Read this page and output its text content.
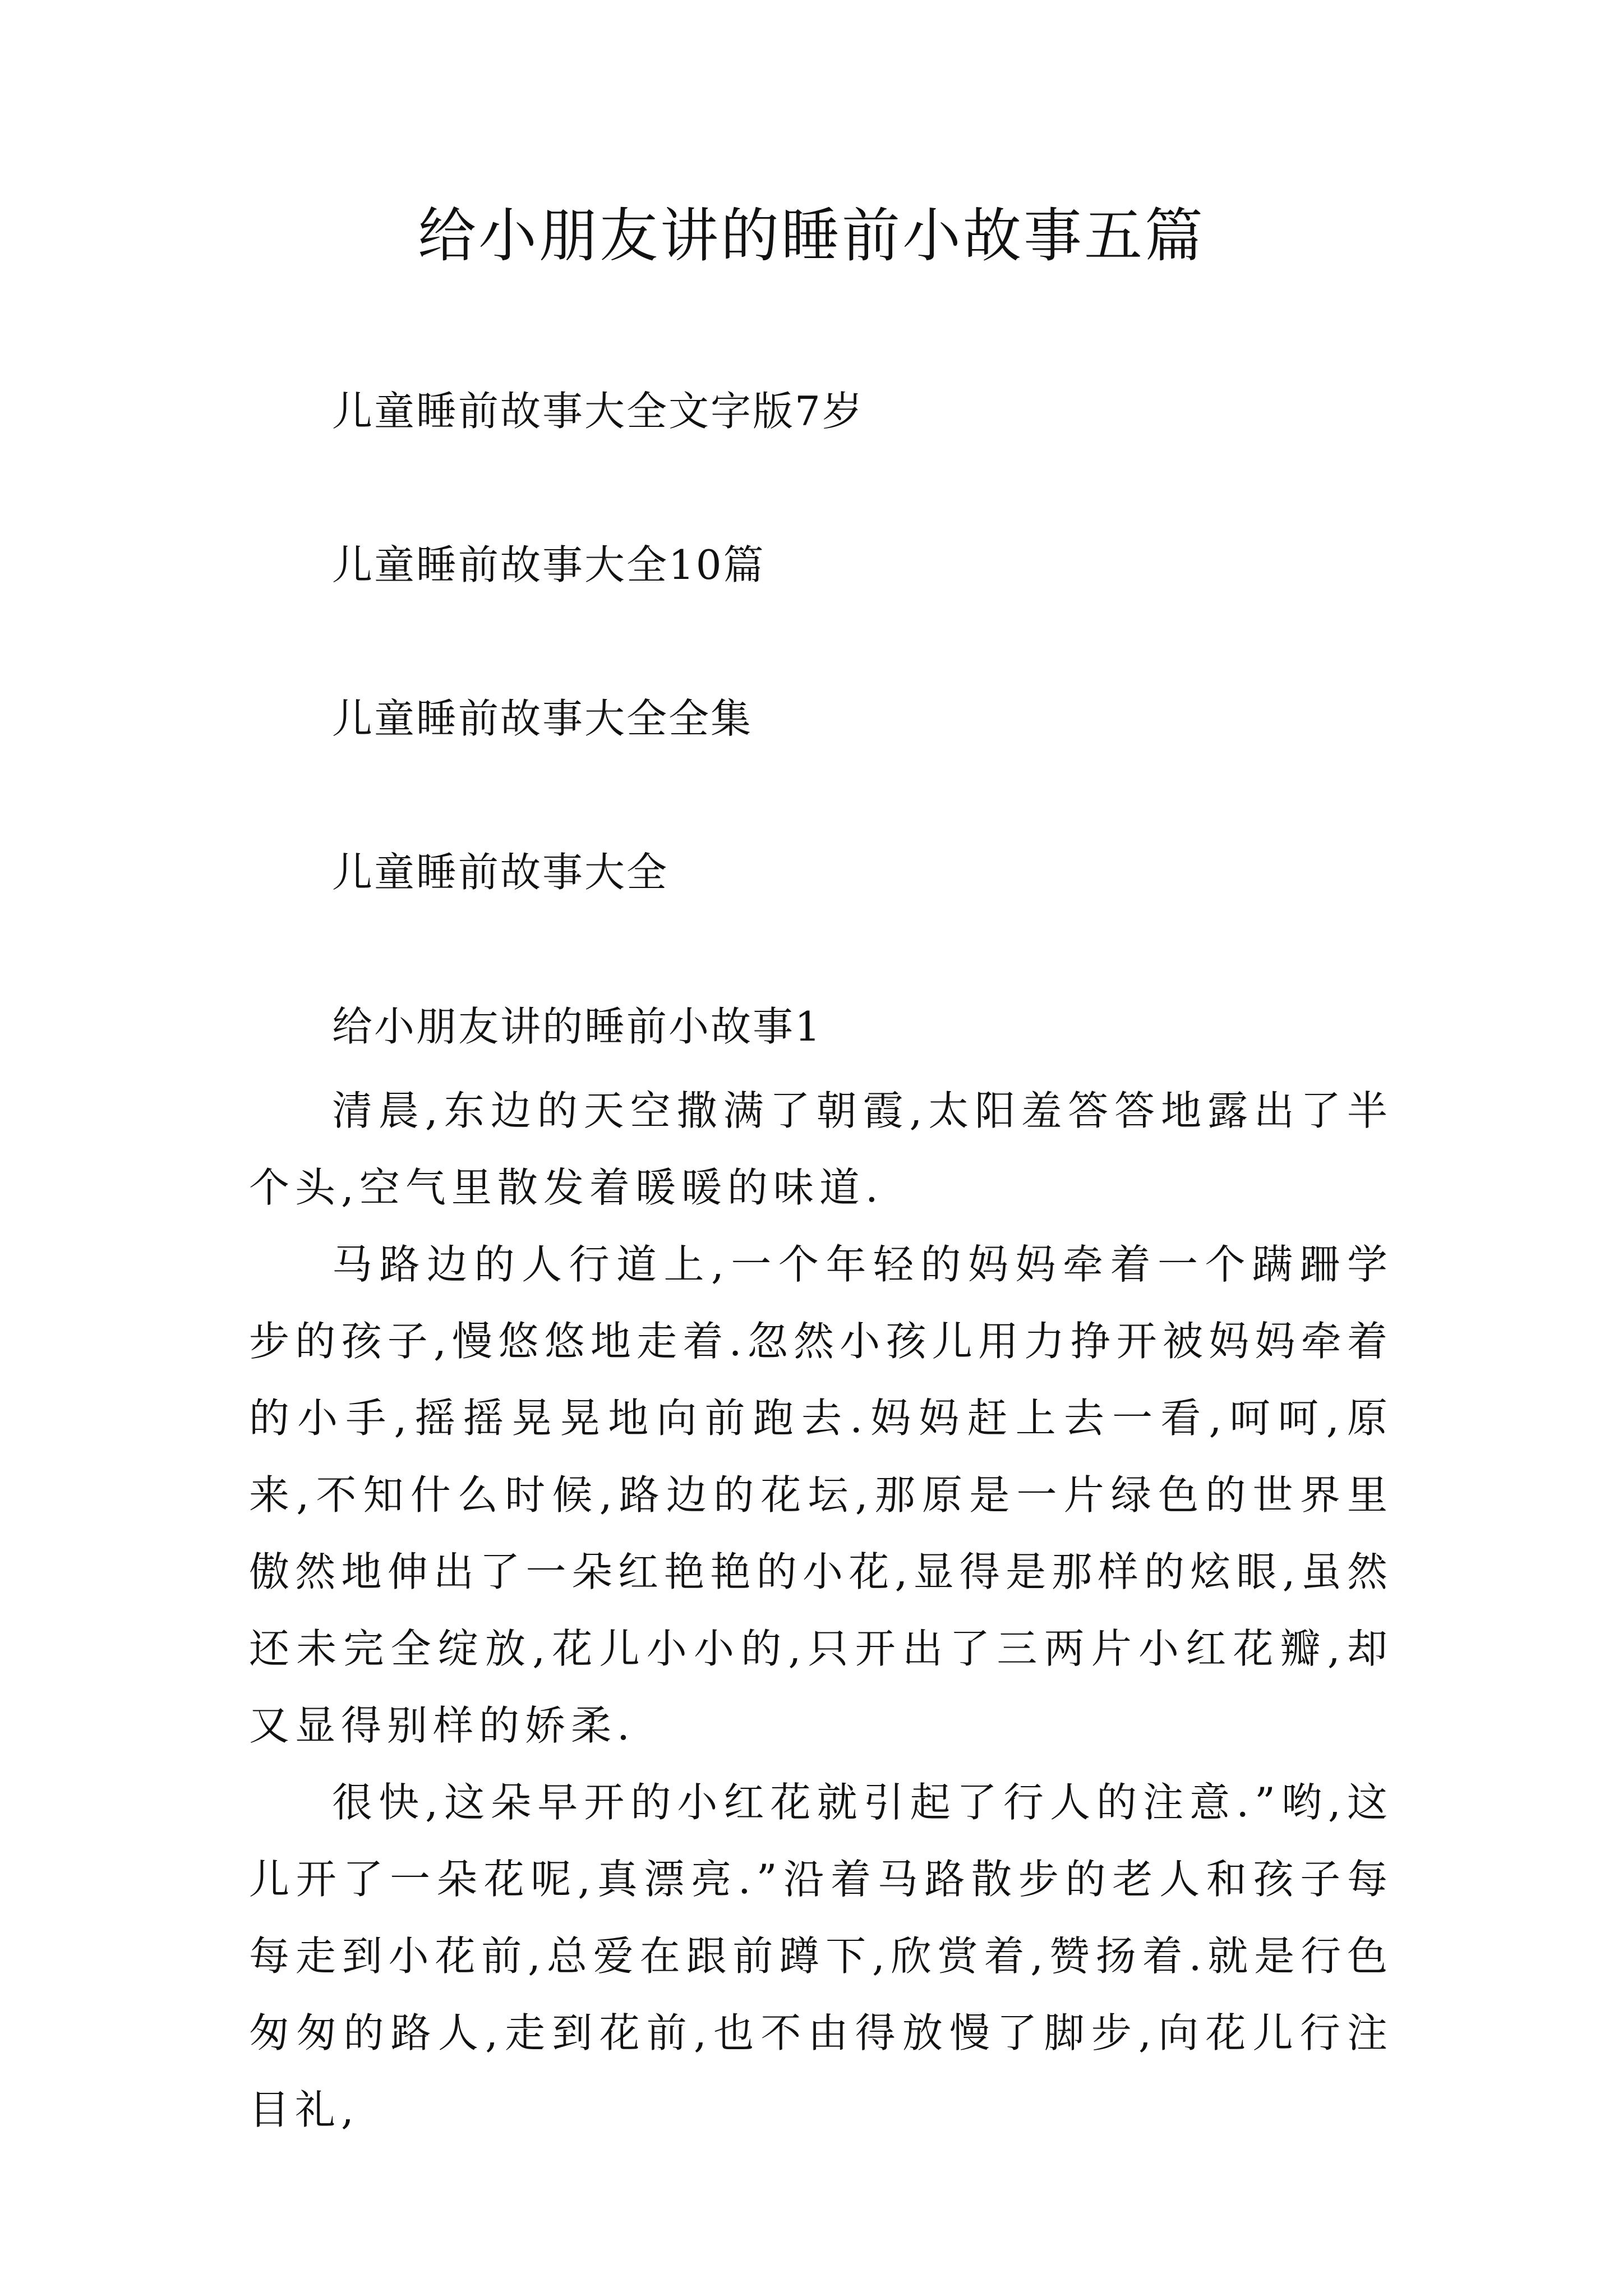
给小朋友讲的睡前小故事五篇
儿童睡前故事大全文字版7岁
儿童睡前故事大全10篇
儿童睡前故事大全全集
儿童睡前故事大全
给小朋友讲的睡前小故事1

清晨,东边的天空撒满了朝霞,太阳羞答答地露出了半个头,空气里散发着暖暖的味道.

马路边的人行道上,一个年轻的妈妈牵着一个蹒跚学步的孩子,慢悠悠地走着.忽然小孩儿用力挣开被妈妈牵着的小手,摇摇晃晃地向前跑去.妈妈赶上去一看,呵呵,原来,不知什么时候,路边的花坛,那原是一片绿色的世界里傲然地伸出了一朵红艳艳的小花,显得是那样的炫眼,虽然还未完全绽放,花儿小小的,只开出了三两片小红花瓣,却又显得别样的娇柔.

很快,这朵早开的小红花就引起了行人的注意.”哟,这儿开了一朵花呢,真漂亮.”沿着马路散步的老人和孩子每每走到小花前,总爱在跟前蹲下,欣赏着,赞扬着.就是行色匆匆的路人,走到花前,也不由得放慢了脚步,向花儿行注目礼,
